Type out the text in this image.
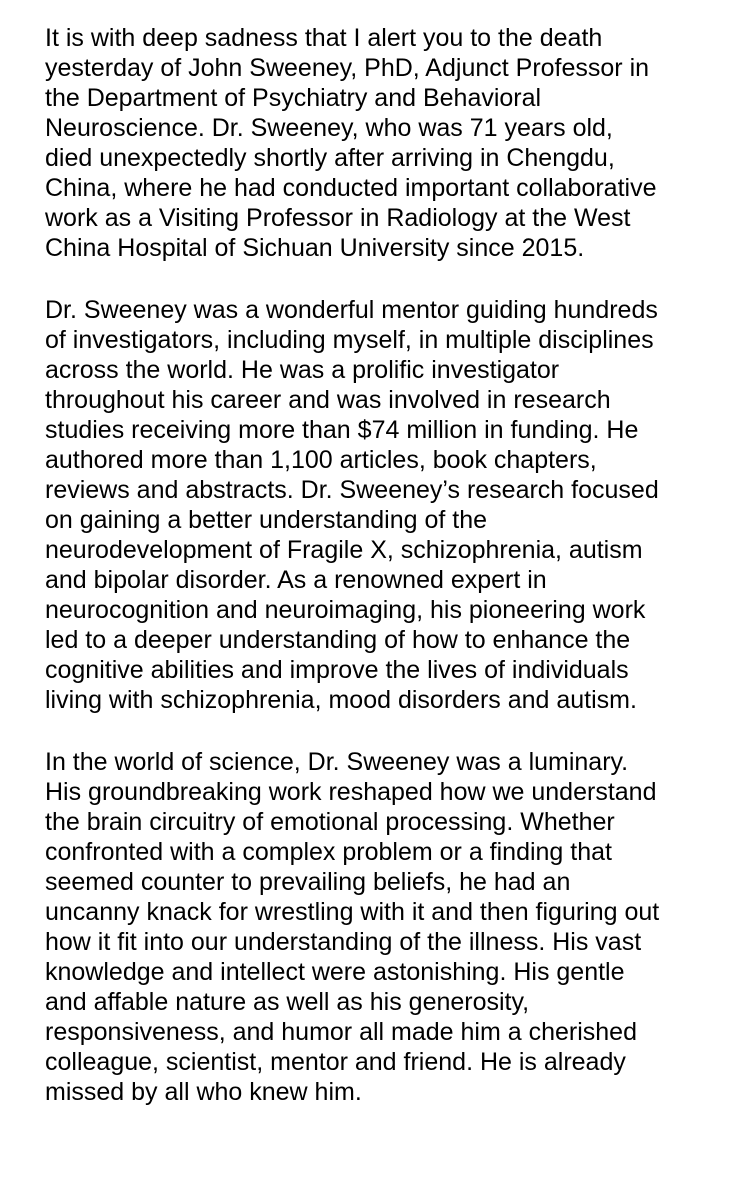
It is with deep sadness that I alert you to the death
yesterday of John Sweeney, PhD, Adjunct Professor in
the Department of Psychiatry and Behavioral
Neuroscience. Dr. Sweeney, who was 71 years old,
died unexpectedly shortly after arriving in Chengdu,
China, where he had conducted important collaborative
work as a Visiting Professor in Radiology at the West
China Hospital of Sichuan University since 2015.

Dr. Sweeney was a wonderful mentor guiding hundreds
of investigators, including myself, in multiple disciplines
across the world. He was a prolific investigator
throughout his career and was involved in research
studies receiving more than $74 million in funding. He
authored more than 1,100 articles, book chapters,
reviews and abstracts. Dr. Sweeney’s research focused
on gaining a better understanding of the
neurodevelopment of Fragile X, schizophrenia, autism
and bipolar disorder. As a renowned expert in
neurocognition and neuroimaging, his pioneering work
led to a deeper understanding of how to enhance the
cognitive abilities and improve the lives of individuals
living with schizophrenia, mood disorders and autism.

In the world of science, Dr. Sweeney was a luminary.
His groundbreaking work reshaped how we understand
the brain circuitry of emotional processing. Whether
confronted with a complex problem or a finding that
seemed counter to prevailing beliefs, he had an
uncanny knack for wrestling with it and then figuring out
how it fit into our understanding of the illness. His vast
knowledge and intellect were astonishing. His gentle
and affable nature as well as his generosity,
responsiveness, and humor all made him a cherished
colleague, scientist, mentor and friend. He is already
missed by all who knew him.
